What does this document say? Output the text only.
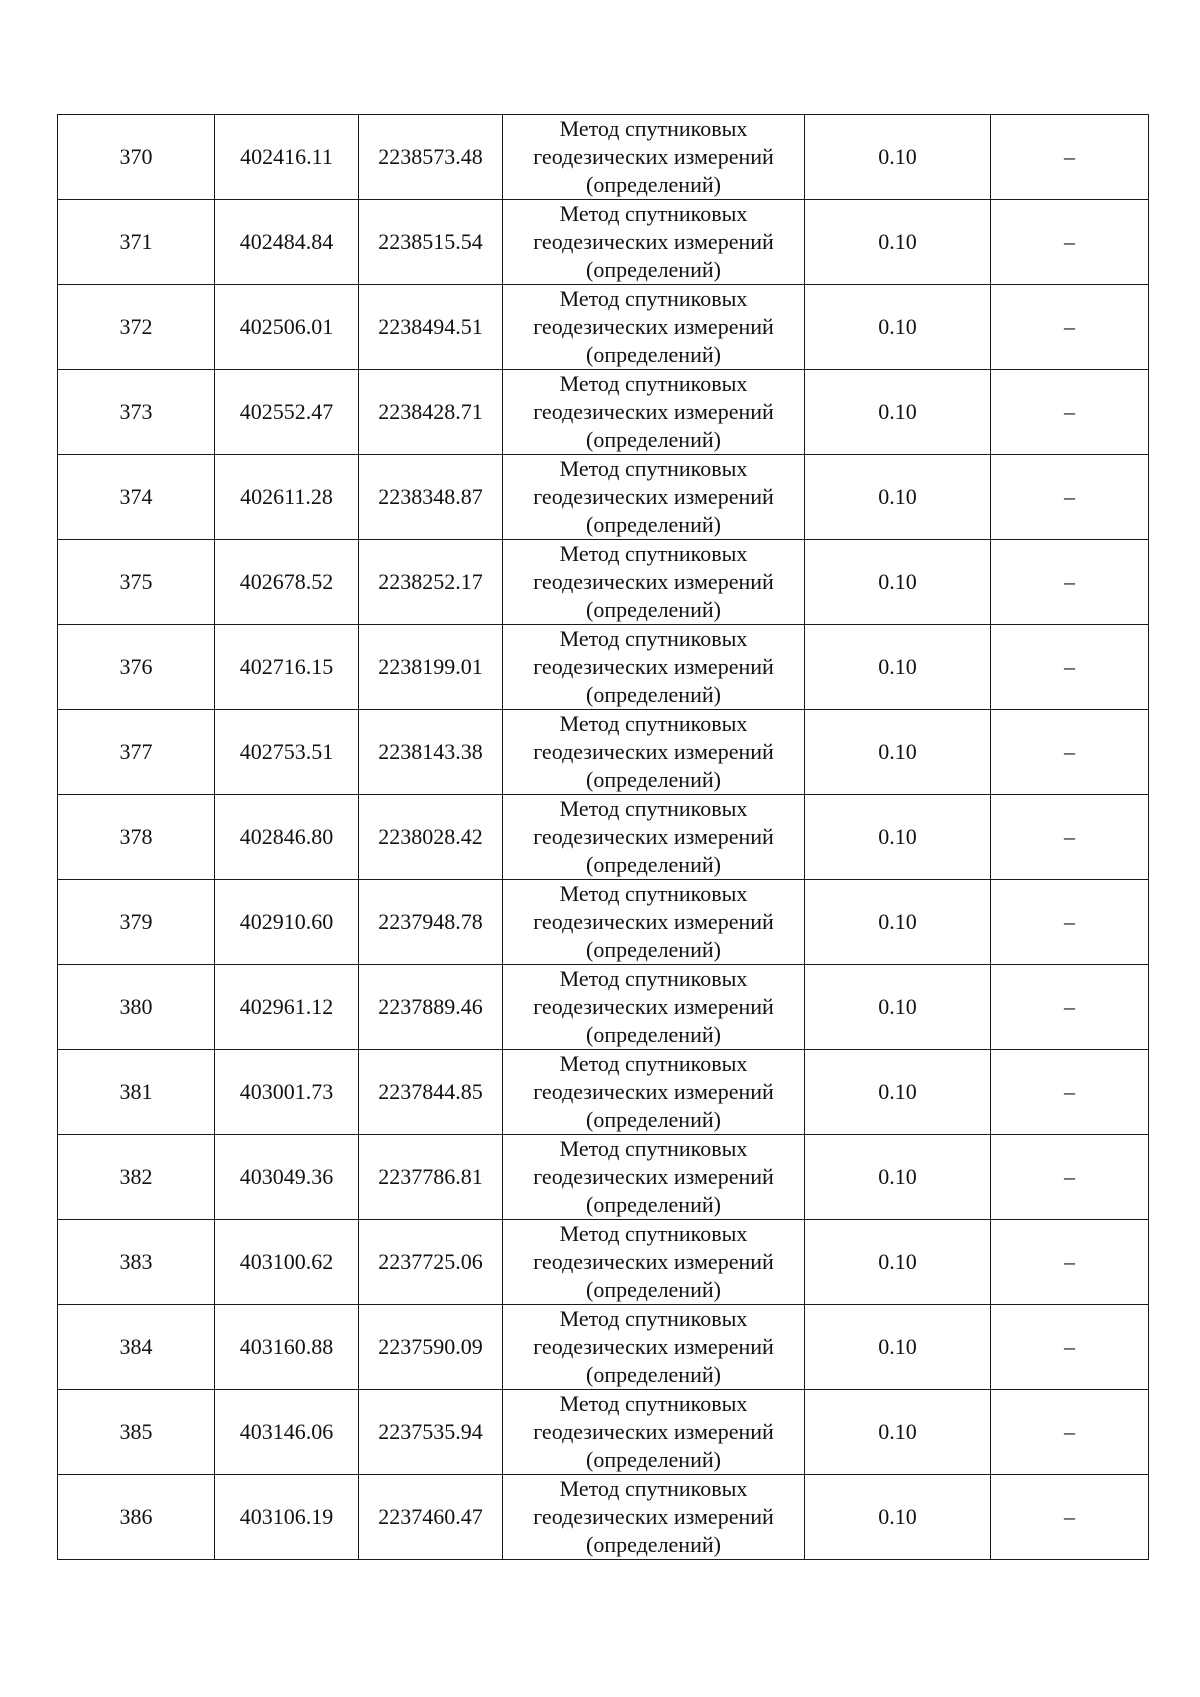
370	402416.11	2238573.48	Метод спутниковых
геодезических измерений
(определений)	0.10	–
371	402484.84	2238515.54	Метод спутниковых
геодезических измерений
(определений)	0.10	–
372	402506.01	2238494.51	Метод спутниковых
геодезических измерений
(определений)	0.10	–
373	402552.47	2238428.71	Метод спутниковых
геодезических измерений
(определений)	0.10	–
374	402611.28	2238348.87	Метод спутниковых
геодезических измерений
(определений)	0.10	–
375	402678.52	2238252.17	Метод спутниковых
геодезических измерений
(определений)	0.10	–
376	402716.15	2238199.01	Метод спутниковых
геодезических измерений
(определений)	0.10	–
377	402753.51	2238143.38	Метод спутниковых
геодезических измерений
(определений)	0.10	–
378	402846.80	2238028.42	Метод спутниковых
геодезических измерений
(определений)	0.10	–
379	402910.60	2237948.78	Метод спутниковых
геодезических измерений
(определений)	0.10	–
380	402961.12	2237889.46	Метод спутниковых
геодезических измерений
(определений)	0.10	–
381	403001.73	2237844.85	Метод спутниковых
геодезических измерений
(определений)	0.10	–
382	403049.36	2237786.81	Метод спутниковых
геодезических измерений
(определений)	0.10	–
383	403100.62	2237725.06	Метод спутниковых
геодезических измерений
(определений)	0.10	–
384	403160.88	2237590.09	Метод спутниковых
геодезических измерений
(определений)	0.10	–
385	403146.06	2237535.94	Метод спутниковых
геодезических измерений
(определений)	0.10	–
386	403106.19	2237460.47	Метод спутниковых
геодезических измерений
(определений)	0.10	–
